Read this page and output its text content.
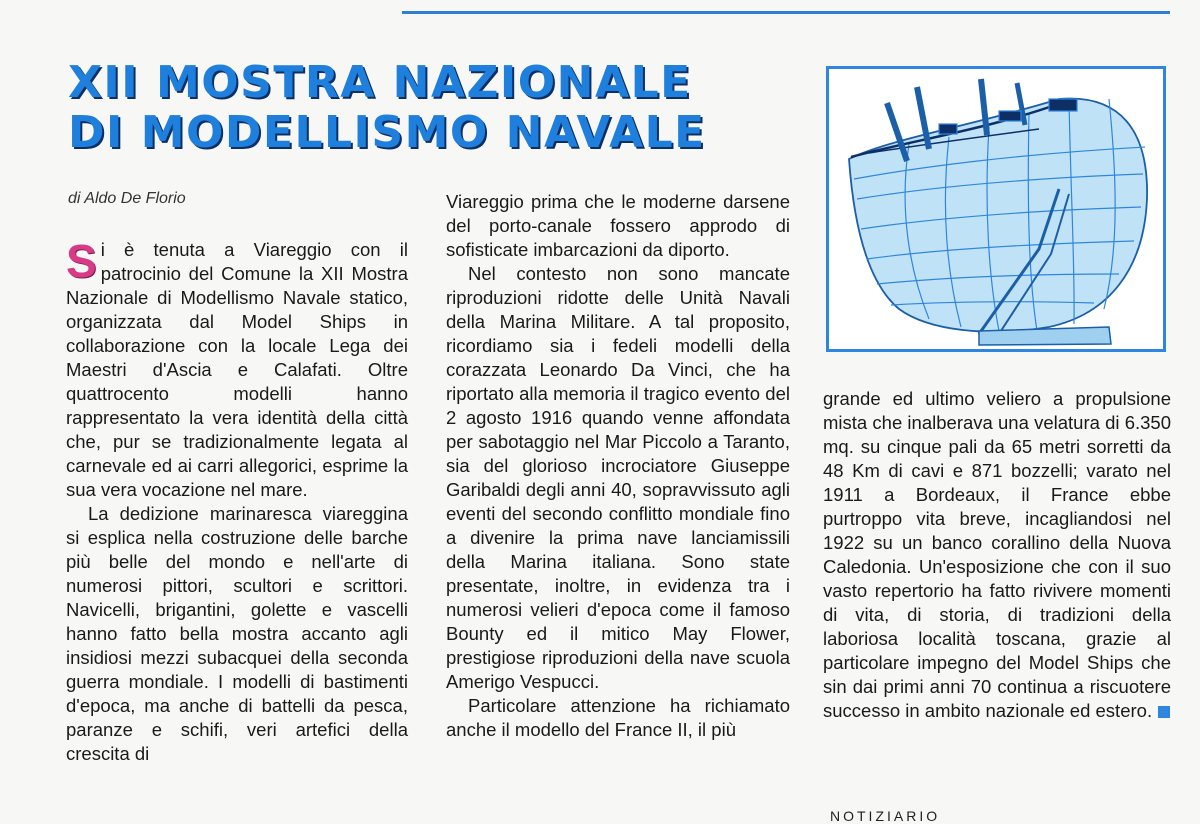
XII MOSTRA NAZIONALE
DI MODELLISMO NAVALE
di Aldo De Florio

Si è tenuta a Viareggio con il patrocinio del Comune la XII Mostra Nazionale di Modellismo Navale statico, organizzata dal Model Ships in collaborazione con la locale Lega dei Maestri d'Ascia e Calafati. Oltre quattrocento modelli hanno rappresentato la vera identità della città che, pur se tradizionalmente legata al carnevale ed ai carri allegorici, esprime la sua vera vocazione nel mare.

La dedizione marinaresca viareggina si esplica nella costruzione delle barche più belle del mondo e nell'arte di numerosi pittori, scultori e scrittori. Navicelli, brigantini, golette e vascelli hanno fatto bella mostra accanto agli insidiosi mezzi subacquei della seconda guerra mondiale. I modelli di bastimenti d'epoca, ma anche di battelli da pesca, paranze e schifi, veri artefici della crescita di

Viareggio prima che le moderne darsene del porto-canale fossero approdo di sofisticate imbarcazioni da diporto.

Nel contesto non sono mancate riproduzioni ridotte delle Unità Navali della Marina Militare. A tal proposito, ricordiamo sia i fedeli modelli della corazzata Leonardo Da Vinci, che ha riportato alla memoria il tragico evento del 2 agosto 1916 quando venne affondata per sabotaggio nel Mar Piccolo a Taranto, sia del glorioso incrociatore Giuseppe Garibaldi degli anni 40, sopravvissuto agli eventi del secondo conflitto mondiale fino a divenire la prima nave lanciamissili della Marina italiana. Sono state presentate, inoltre, in evidenza tra i numerosi velieri d'epoca come il famoso Bounty ed il mitico May Flower, prestigiose riproduzioni della nave scuola Amerigo Vespucci.

Particolare attenzione ha richiamato anche il modello del France II, il più

grande ed ultimo veliero a propulsione mista che inalberava una velatura di 6.350 mq. su cinque pali da 65 metri sorretti da 48 Km di cavi e 871 bozzelli; varato nel 1911 a Bordeaux, il France ebbe purtroppo vita breve, incagliandosi nel 1922 su un banco corallino della Nuova Caledonia. Un'esposizione che con il suo vasto repertorio ha fatto rivivere momenti di vita, di storia, di tradizioni della laboriosa località toscana, grazie al particolare impegno del Model Ships che sin dai primi anni 70 continua a riscuotere successo in ambito nazionale ed estero.

NOTIZIARIO
